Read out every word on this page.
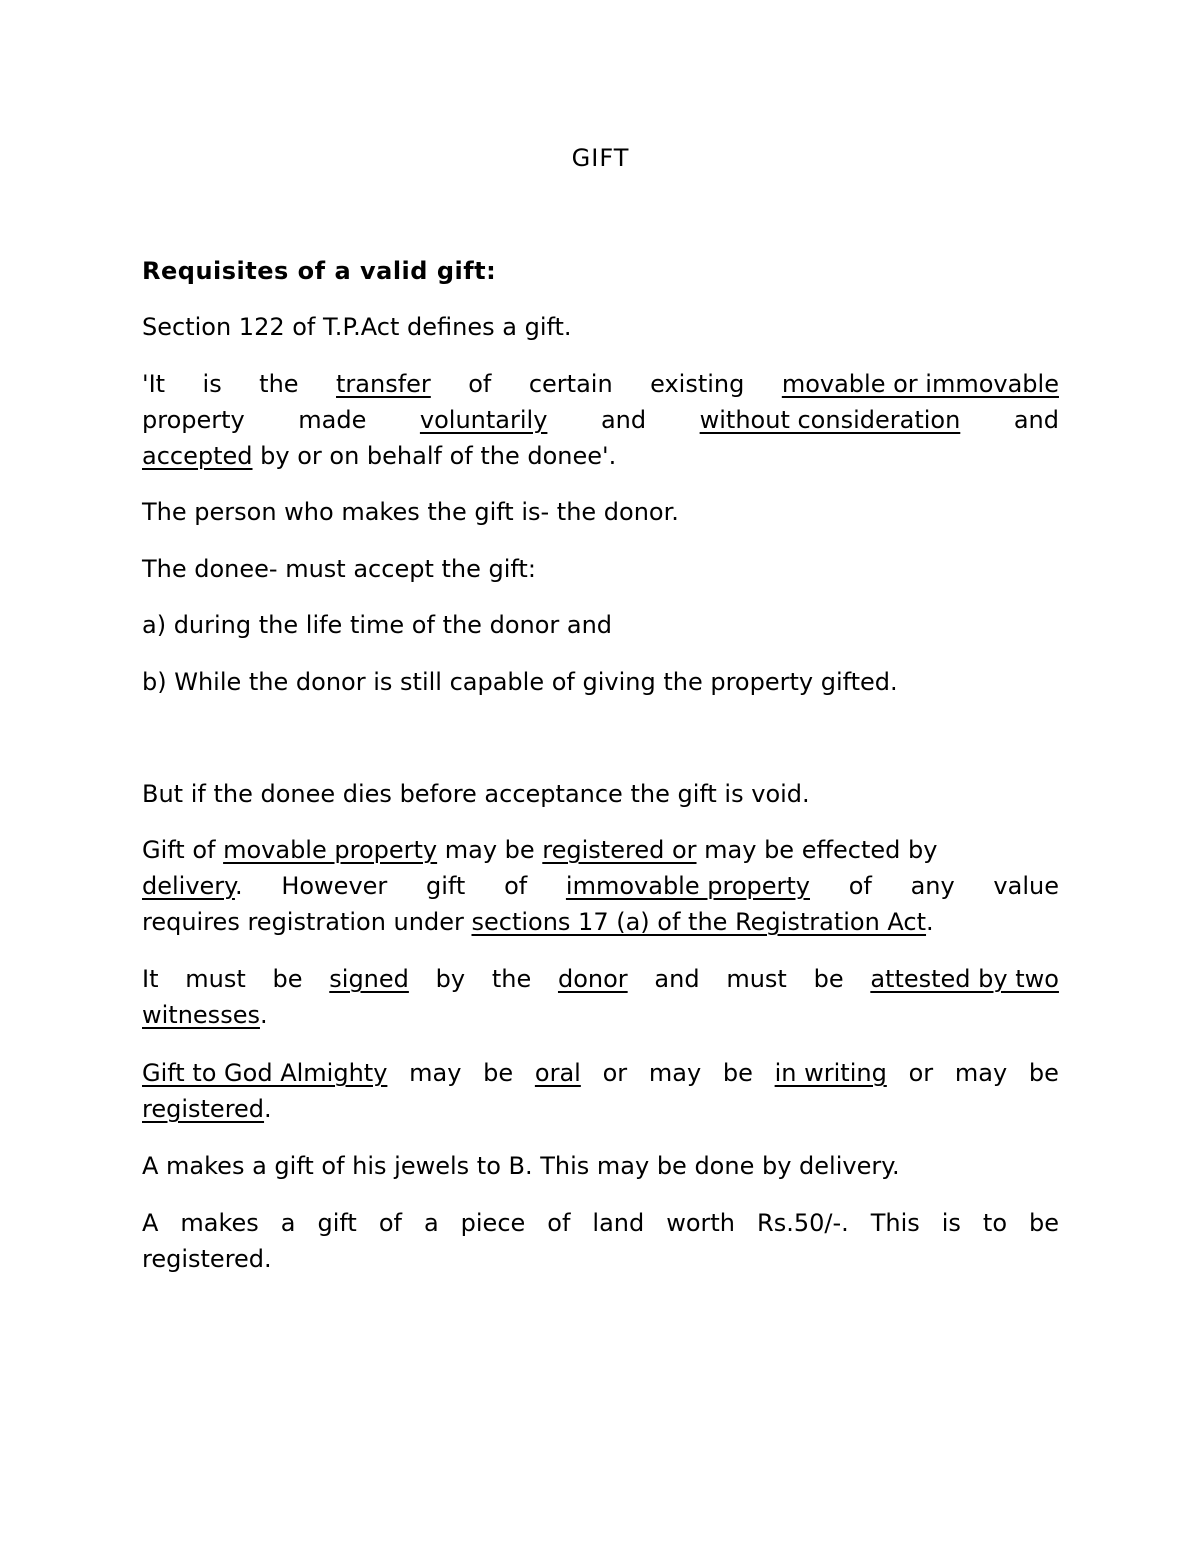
GIFT
Requisites of a valid gift:
Section 122 of T.P.Act defines a gift.
'It is the transfer of certain existing movable or immovable
property made voluntarily and without consideration and
accepted by or on behalf of the donee'.
The person who makes the gift is- the donor.
The donee- must accept the gift:
a) during the life time of the donor and
b) While the donor is still capable of giving the property gifted.
But if the donee dies before acceptance the gift is void.
Gift of movable property may be registered or may be effected by
delivery. However gift of immovable property of any value
requires registration under sections 17 (a) of the Registration Act.
It must be signed by the donor and must be attested by two
witnesses.
Gift to God Almighty may be oral or may be in writing or may be
registered.
A makes a gift of his jewels to B. This may be done by delivery.
A makes a gift of a piece of land worth Rs.50/-. This is to be
registered.
